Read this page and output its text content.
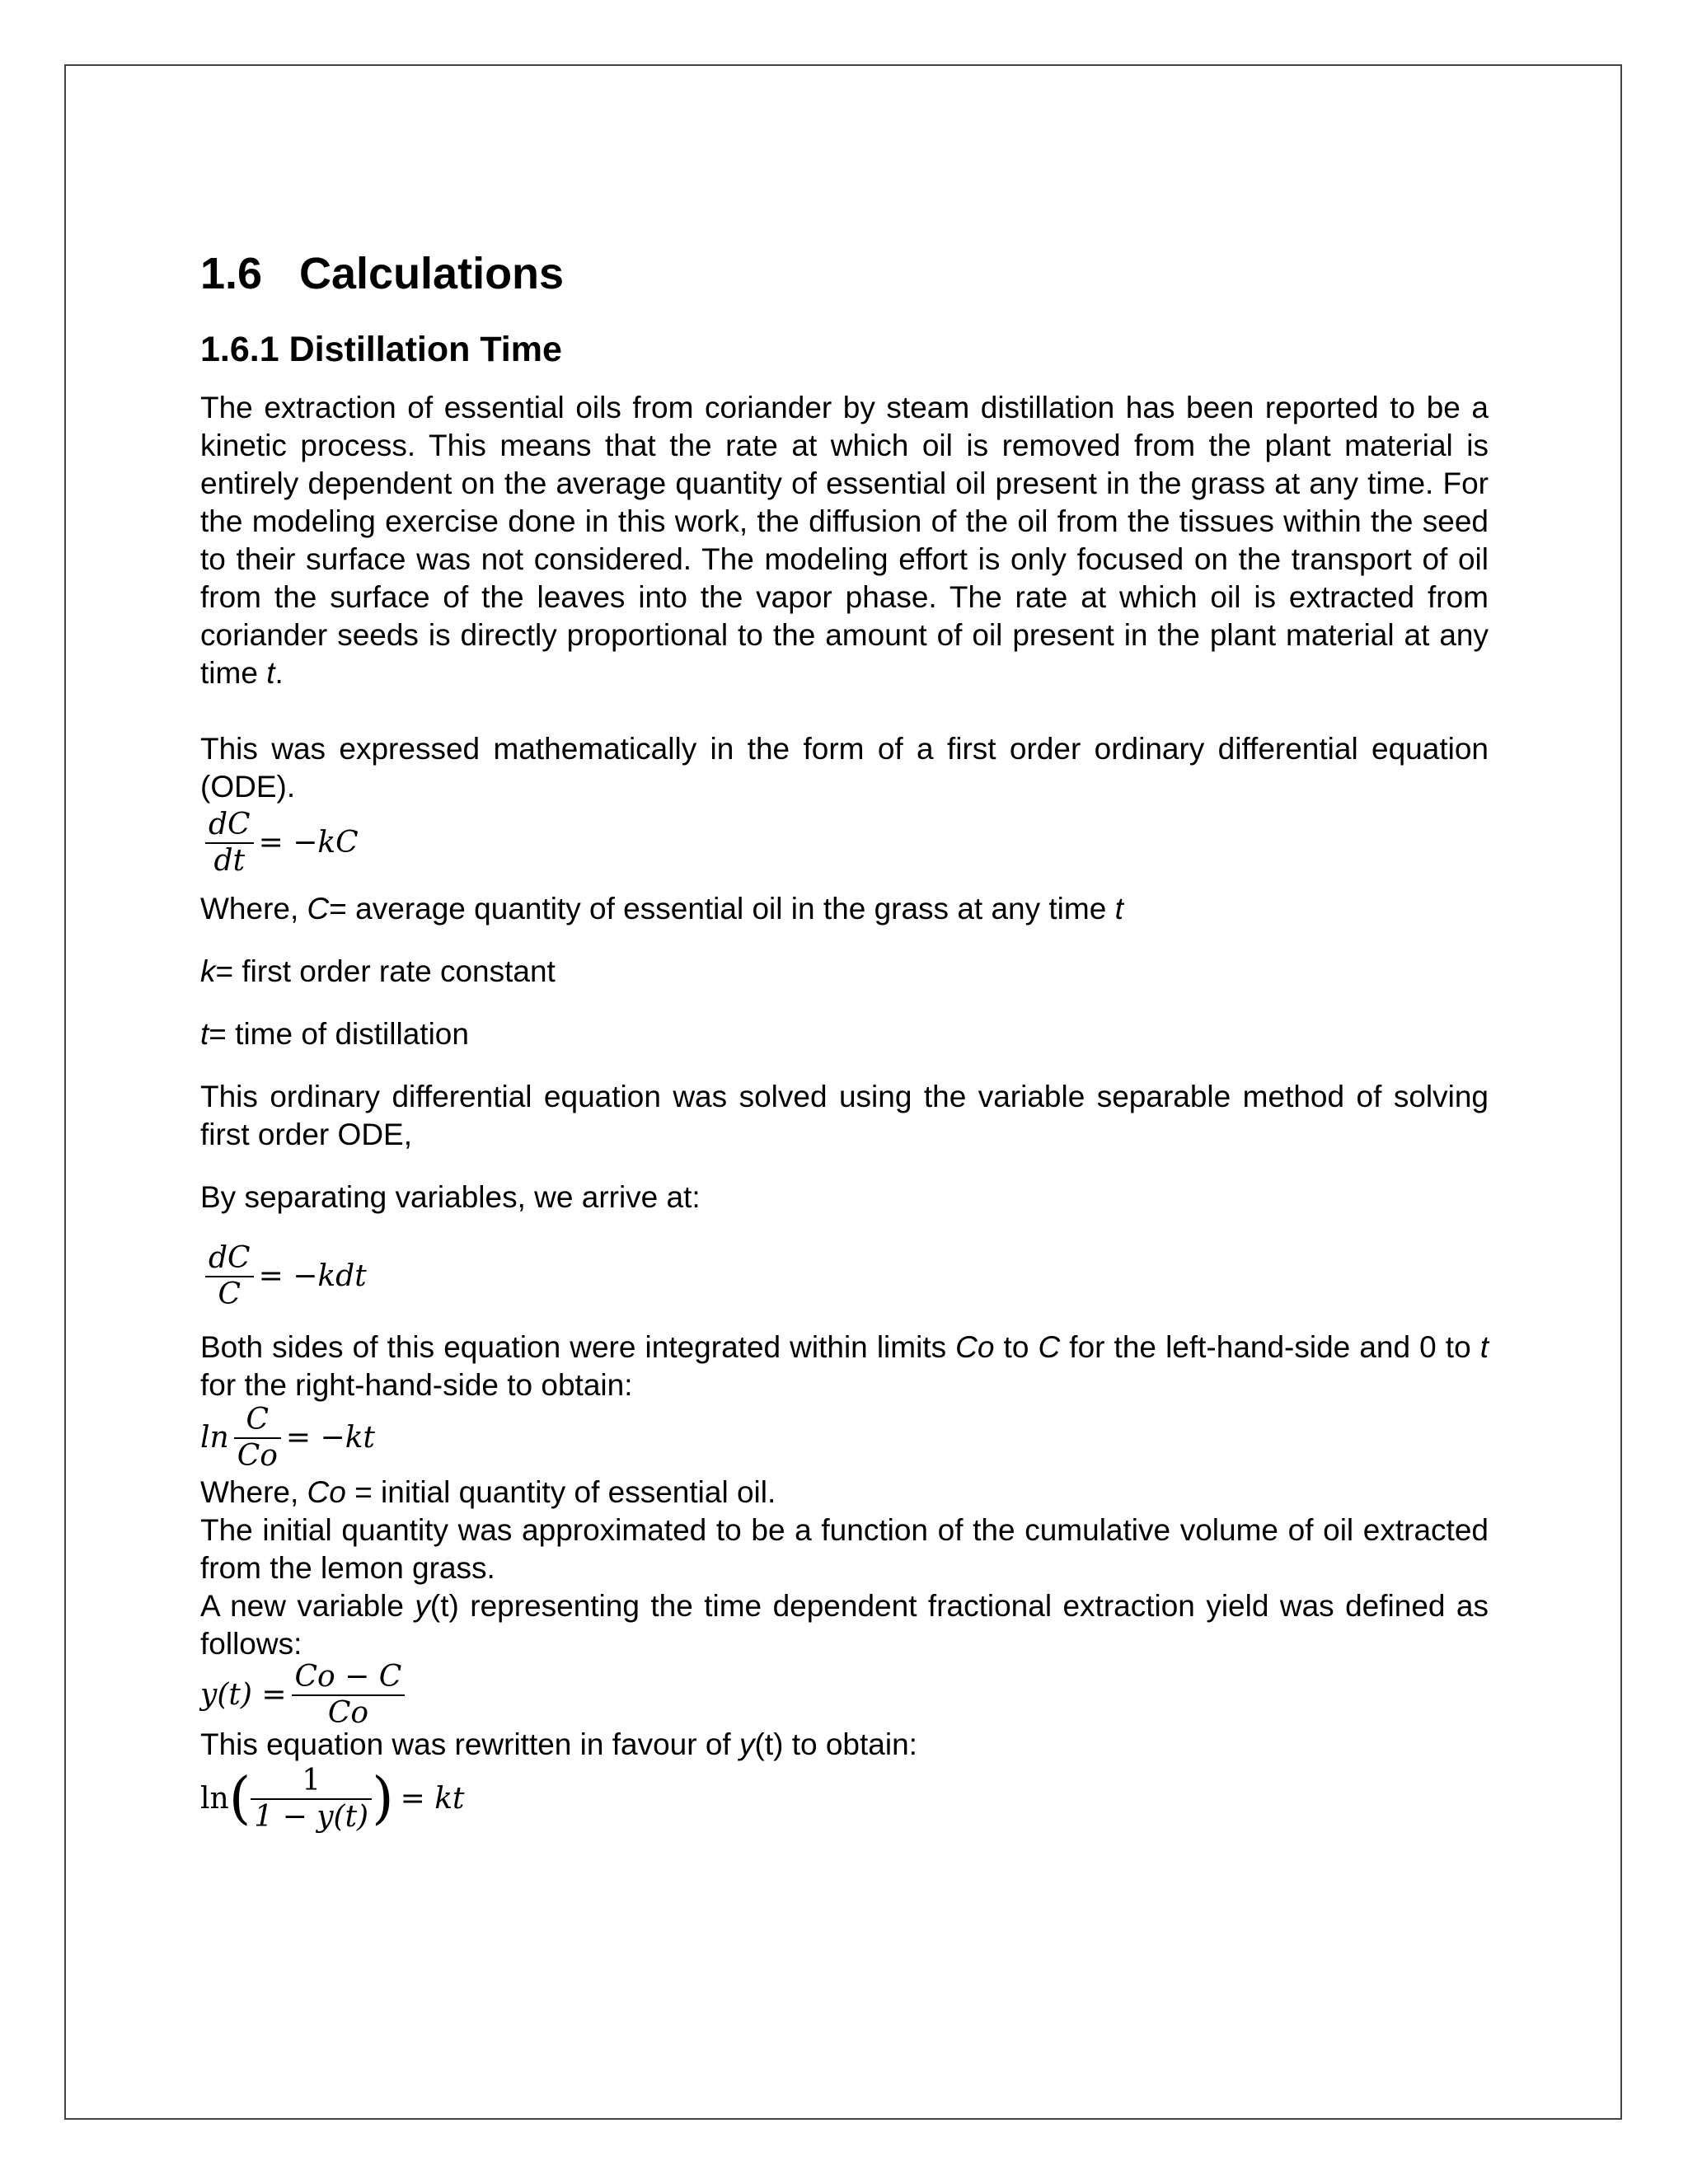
1.6 Calculations
1.6.1 Distillation Time

The extraction of essential oils from coriander by steam distillation has been reported to be a kinetic process. This means that the rate at which oil is removed from the plant material is entirely dependent on the average quantity of essential oil present in the grass at any time. For the modeling exercise done in this work, the diffusion of the oil from the tissues within the seed to their surface was not considered. The modeling effort is only focused on the transport of oil from the surface of the leaves into the vapor phase. The rate at which oil is extracted from coriander seeds is directly proportional to the amount of oil present in the plant material at any time t.

This was expressed mathematically in the form of a first order ordinary differential equation (ODE).

$\frac{dC}{dt} = -kC$

Where, C= average quantity of essential oil in the grass at any time t

k= first order rate constant

t= time of distillation

This ordinary differential equation was solved using the variable separable method of solving first order ODE,

By separating variables, we arrive at:

$\frac{dC}{C} = -kdt$

Both sides of this equation were integrated within limits Co to C for the left-hand-side and 0 to t for the right-hand-side to obtain:

$\ln \frac{C}{Co} = -kt$

Where, Co = initial quantity of essential oil.

The initial quantity was approximated to be a function of the cumulative volume of oil extracted from the lemon grass.

A new variable y(t) representing the time dependent fractional extraction yield was defined as follows:

$y(t) = \frac{Co - C}{Co}$

This equation was rewritten in favour of y(t) to obtain:

ln ( $\frac{1}{1 - y(t)}$ ) = kt
